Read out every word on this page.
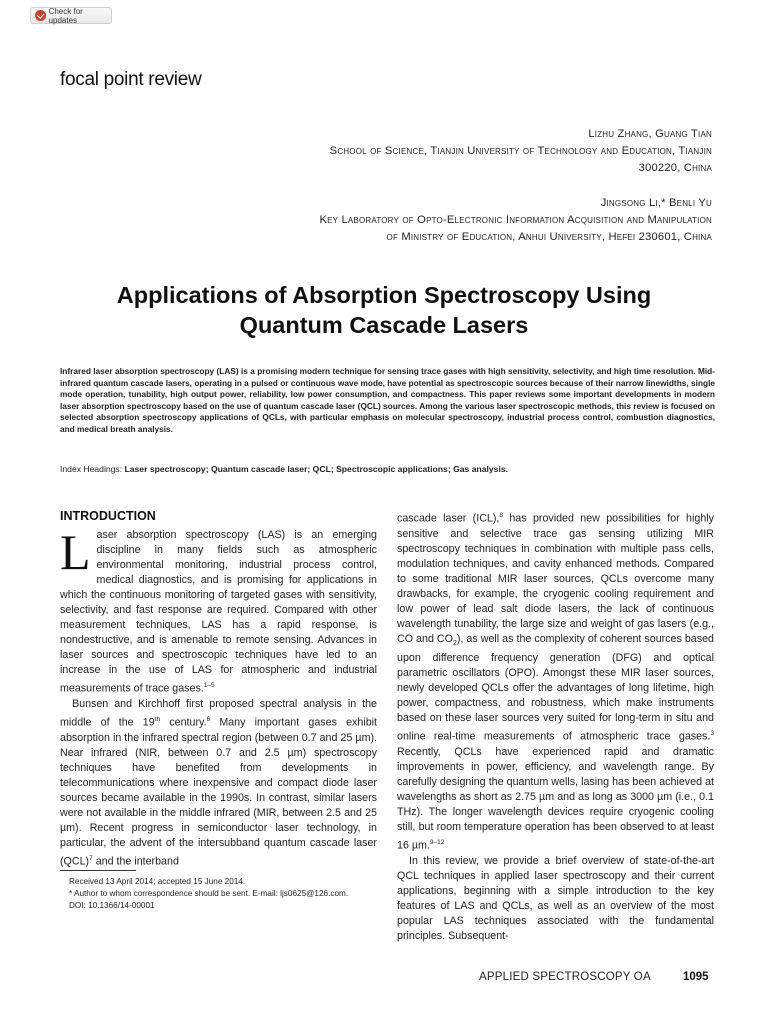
Check for updates
focal point review
Lizhu Zhang, Guang Tian
School of Science, Tianjin University of Technology and Education, Tianjin
300220, China
Jingsong Li,* Benli Yu
Key Laboratory of Opto-Electronic Information Acquisition and Manipulation
of Ministry of Education, Anhui University, Hefei 230601, China
Applications of Absorption Spectroscopy Using
Quantum Cascade Lasers
Infrared laser absorption spectroscopy (LAS) is a promising modern technique for sensing trace gases with high sensitivity, selectivity, and high time resolution. Mid-infrared quantum cascade lasers, operating in a pulsed or continuous wave mode, have potential as spectroscopic sources because of their narrow linewidths, single mode operation, tunability, high output power, reliability, low power consumption, and compactness. This paper reviews some important developments in modern laser absorption spectroscopy based on the use of quantum cascade laser (QCL) sources. Among the various laser spectroscopic methods, this review is focused on selected absorption spectroscopy applications of QCLs, with particular emphasis on molecular spectroscopy, industrial process control, combustion diagnostics, and medical breath analysis.
Index Headings: Laser spectroscopy; Quantum cascade laser; QCL; Spectroscopic applications; Gas analysis.
INTRODUCTION

Laser absorption spectroscopy (LAS) is an emerging discipline in many fields such as atmospheric environmental monitoring, industrial process control, medical diagnostics, and is promising for applications in which the continuous monitoring of targeted gases with sensitivity, selectivity, and fast response are required. Compared with other measurement techniques, LAS has a rapid response, is nondestructive, and is amenable to remote sensing. Advances in laser sources and spectroscopic techniques have led to an increase in the use of LAS for atmospheric and industrial measurements of trace gases.$^{1-5}$

Bunsen and Kirchhoff first proposed spectral analysis in the middle of the 19th century.$^6$ Many important gases exhibit absorption in the infrared spectral region (between 0.7 and 25 µm). Near infrared (NIR, between 0.7 and 2.5 µm) spectroscopy techniques have benefited from developments in telecommunications where inexpensive and compact diode laser sources became available in the 1990s. In contrast, similar lasers were not available in the middle infrared (MIR, between 2.5 and 25 µm). Recent progress in semiconductor laser technology, in particular, the advent of the intersubband quantum cascade laser (QCL)$^7$ and the interband

Received 13 April 2014; accepted 15 June 2014.
* Author to whom correspondence should be sent. E-mail: ljs0625@126.com.
DOI: 10.1366/14-00001

cascade laser (ICL),$^8$ has provided new possibilities for highly sensitive and selective trace gas sensing utilizing MIR spectroscopy techniques in combination with multiple pass cells, modulation techniques, and cavity enhanced methods. Compared to some traditional MIR laser sources, QCLs overcome many drawbacks, for example, the cryogenic cooling requirement and low power of lead salt diode lasers, the lack of continuous wavelength tunability, the large size and weight of gas lasers (e.g., CO and $CO_2$), as well as the complexity of coherent sources based upon difference frequency generation (DFG) and optical parametric oscillators (OPO). Amongst these MIR laser sources, newly developed QCLs offer the advantages of long lifetime, high power, compactness, and robustness, which make instruments based on these laser sources very suited for long-term in situ and online real-time measurements of atmospheric trace gases.$^3$ Recently, QCLs have experienced rapid and dramatic improvements in power, efficiency, and wavelength range. By carefully designing the quantum wells, lasing has been achieved at wavelengths as short as 2.75 µm and as long as 3000 µm (i.e., 0.1 THz). The longer wavelength devices require cryogenic cooling still, but room temperature operation has been observed to at least 16 µm.$^{9-12}$

In this review, we provide a brief overview of state-of-the-art QCL techniques in applied laser spectroscopy and their current applications, beginning with a simple introduction to the key features of LAS and QCLs, as well as an overview of the most popular LAS techniques associated with the fundamental principles. Subsequent-

APPLIED SPECTROSCOPY OA	1095
